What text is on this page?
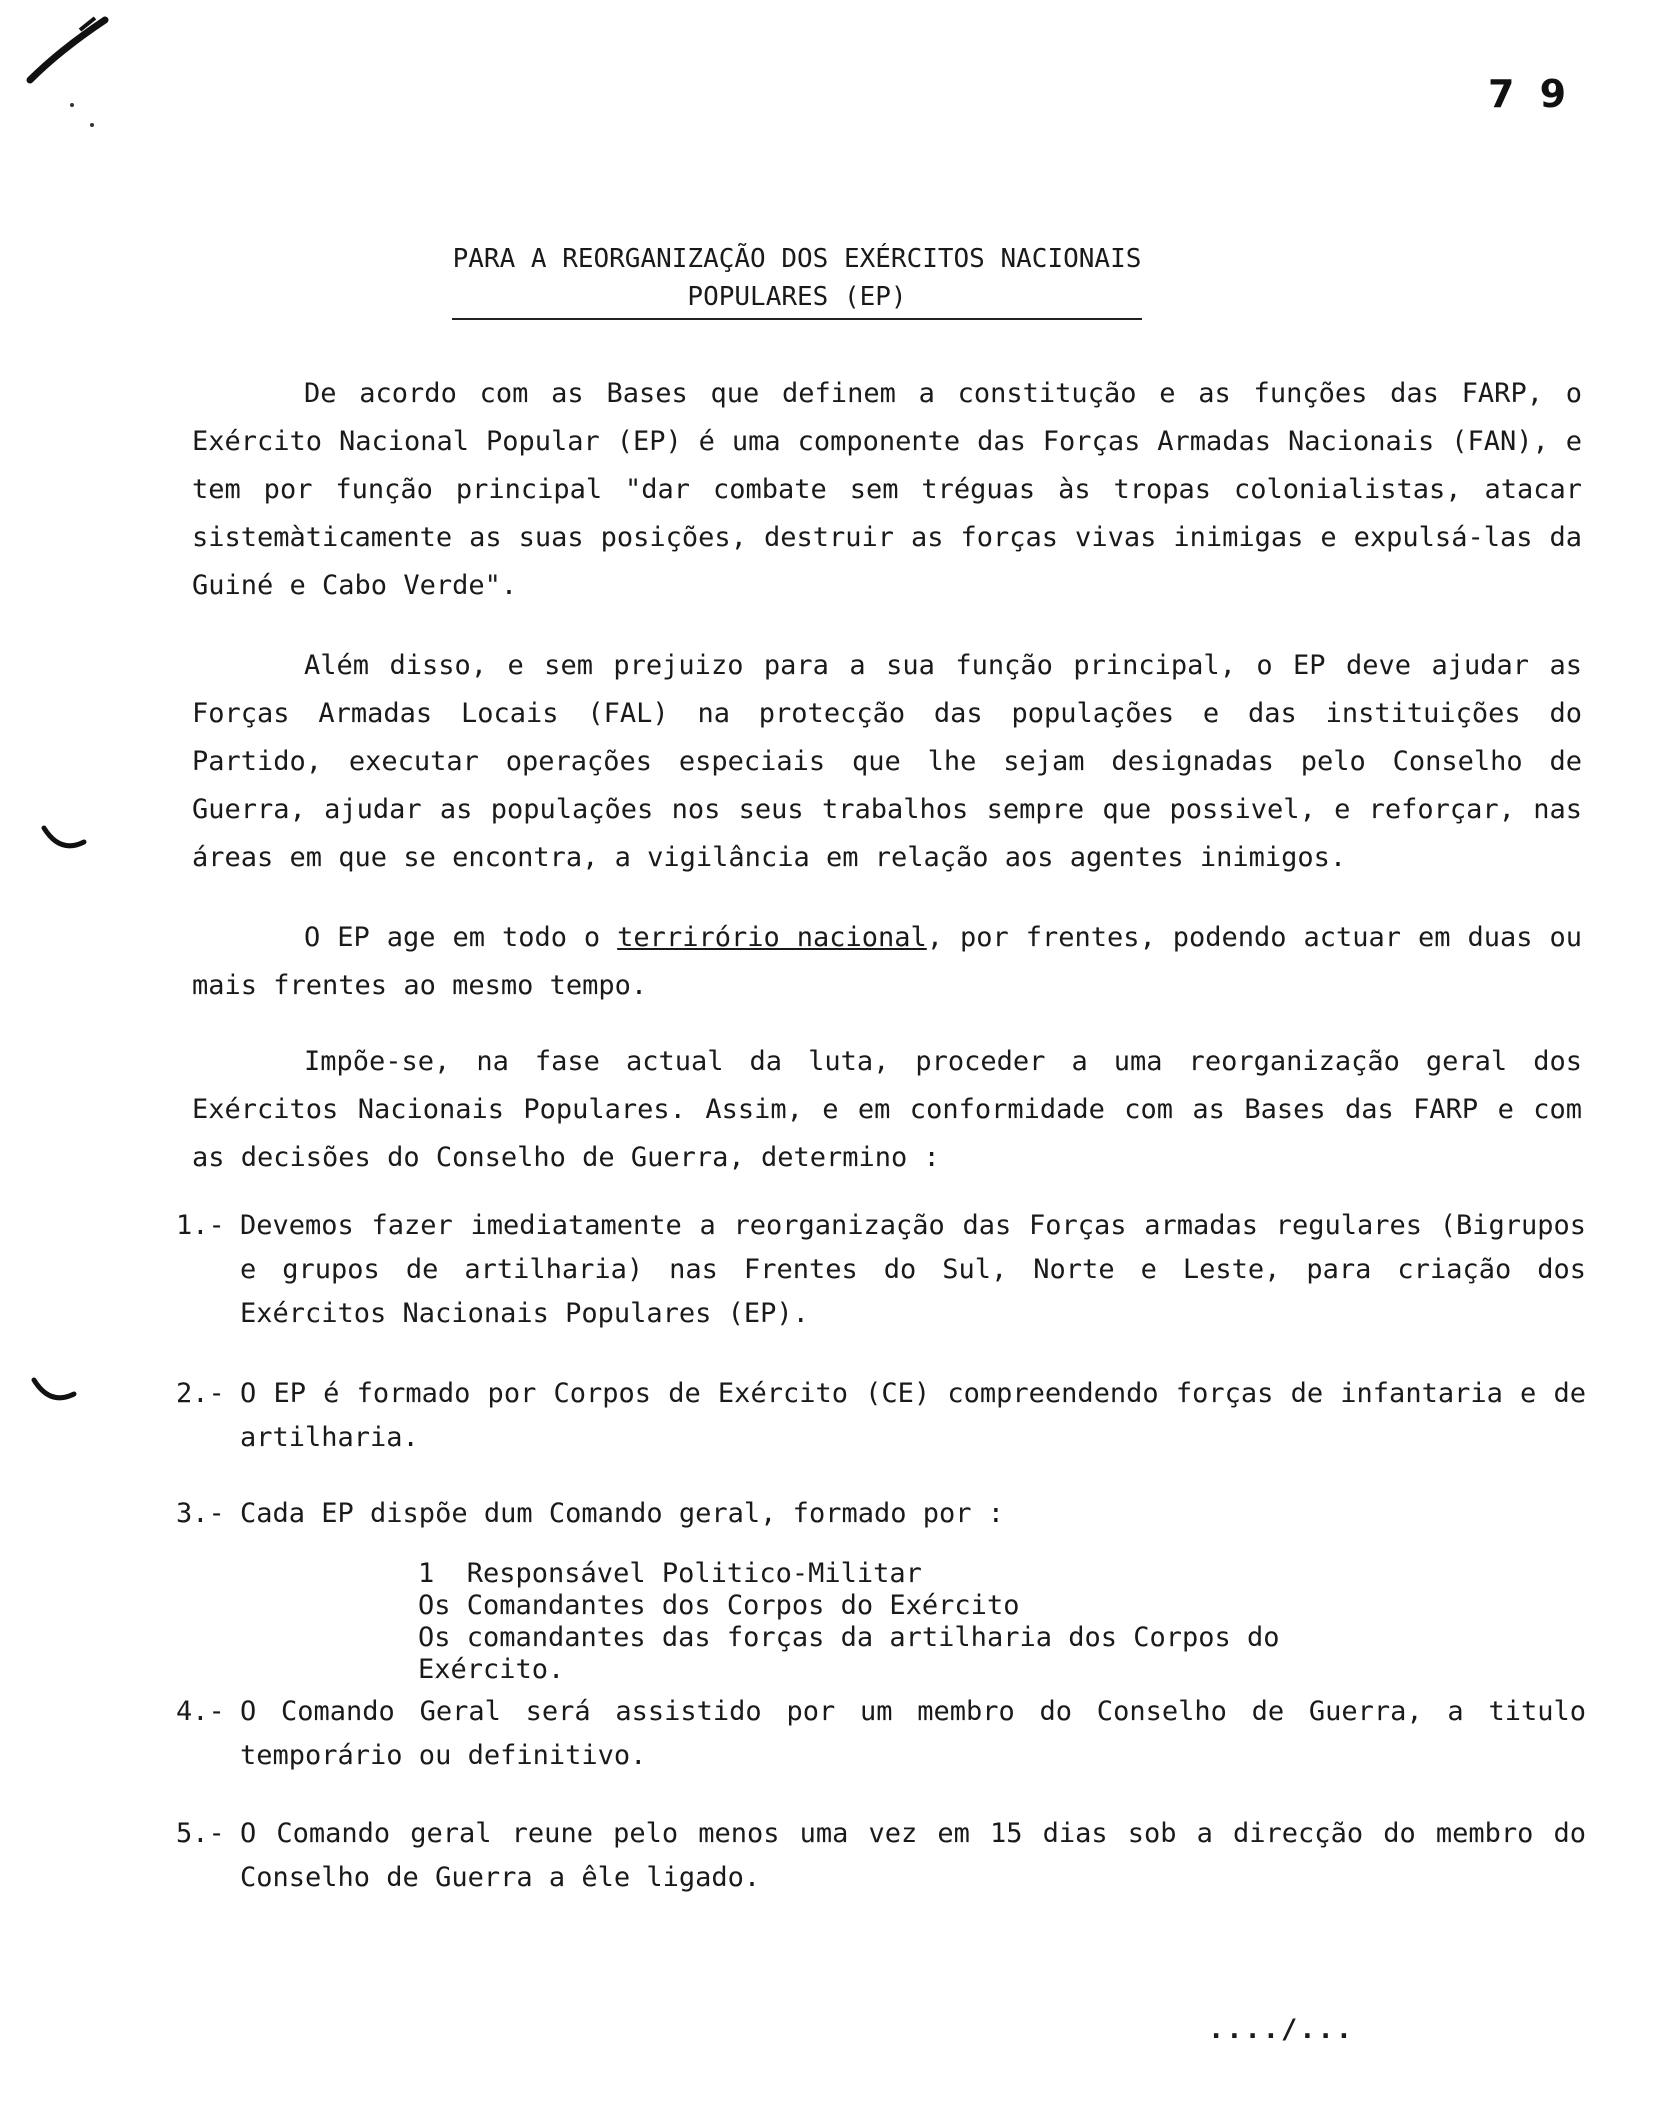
7 9
PARA A REORGANIZAÇÃO DOS EXÉRCITOS NACIONAIS
POPULARES (EP)
De acordo com as Bases que definem a constitução e as funções das FARP, o Exército Nacional Popular (EP) é uma componente das Forças Armadas Nacionais (FAN), e tem por função principal "dar combate sem tréguas às tropas colonialistas, atacar sistemàticamente as suas posições, destruir as forças vivas inimigas e expulsá-las da Guiné e Cabo Verde".
Além disso, e sem prejuizo para a sua função principal, o EP deve ajudar as Forças Armadas Locais (FAL) na protecção das populações e das instituições do Partido, executar operações especiais que lhe sejam designadas pelo Conselho de Guerra, ajudar as populações nos seus trabalhos sempre que possivel, e reforçar, nas áreas em que se encontra, a vigilância em relação aos agentes inimigos.
O EP age em todo o terrirório nacional, por frentes, podendo actuar em duas ou mais frentes ao mesmo tempo.
Impõe-se, na fase actual da luta, proceder a uma reorganização geral dos Exércitos Nacionais Populares. Assim, e em conformidade com as Bases das FARP e com as decisões do Conselho de Guerra, determino :
1.- Devemos fazer imediatamente a reorganização das Forças armadas regulares (Bigrupos e grupos de artilharia) nas Frentes do Sul, Norte e Leste, para criação dos Exércitos Nacionais Populares (EP).
2.- O EP é formado por Corpos de Exército (CE) compreendendo forças de infantaria e de artilharia.
3.- Cada EP dispõe dum Comando geral, formado por :
1  Responsável Politico-Militar
Os Comandantes dos Corpos do Exército
Os comandantes das forças da artilharia dos Corpos do Exército.
4.- O Comando Geral será assistido por um membro do Conselho de Guerra, a titulo temporário ou definitivo.
5.- O Comando geral reune pelo menos uma vez em 15 dias sob a direcção do membro do Conselho de Guerra a êle ligado.
..../...
